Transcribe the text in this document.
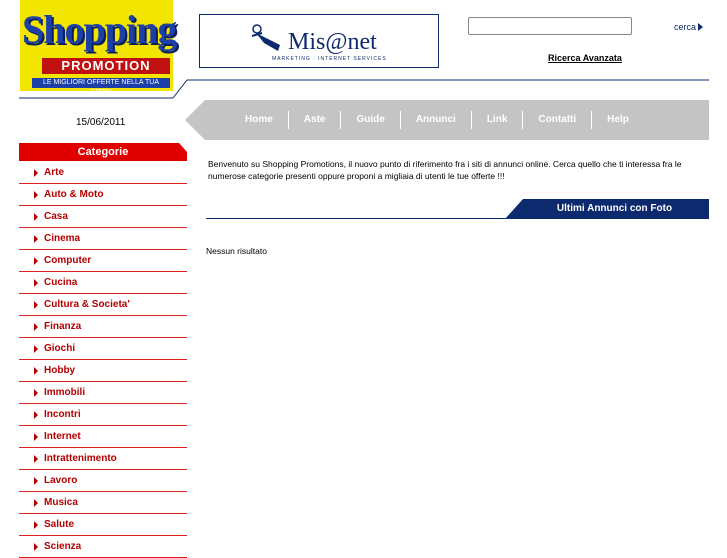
Shopping
PROMOTION
LE MIGLIORI OFFERTE NELLA TUA CITTA'
Mis@net
MARKETING · INTERNET SERVICES
cerca
Ricerca Avanzata
15/06/2011	Home	Aste	Guide	Annunci	Link	Contatti	Help
Categorie
Arte
Auto & Moto
Casa
Cinema
Computer
Cucina
Cultura & Societa'
Finanza
Giochi
Hobby
Immobili
Incontri
Internet
Intrattenimento
Lavoro
Musica
Salute
Scienza
Benvenuto su Shopping Promotions, il nuovo punto di riferimento fra i siti di annunci online. Cerca quello che ti interessa fra le numerose categorie presenti oppure proponi a migliaia di utenti le tue offerte !!!
Ultimi Annunci con Foto
Nessun risultato
